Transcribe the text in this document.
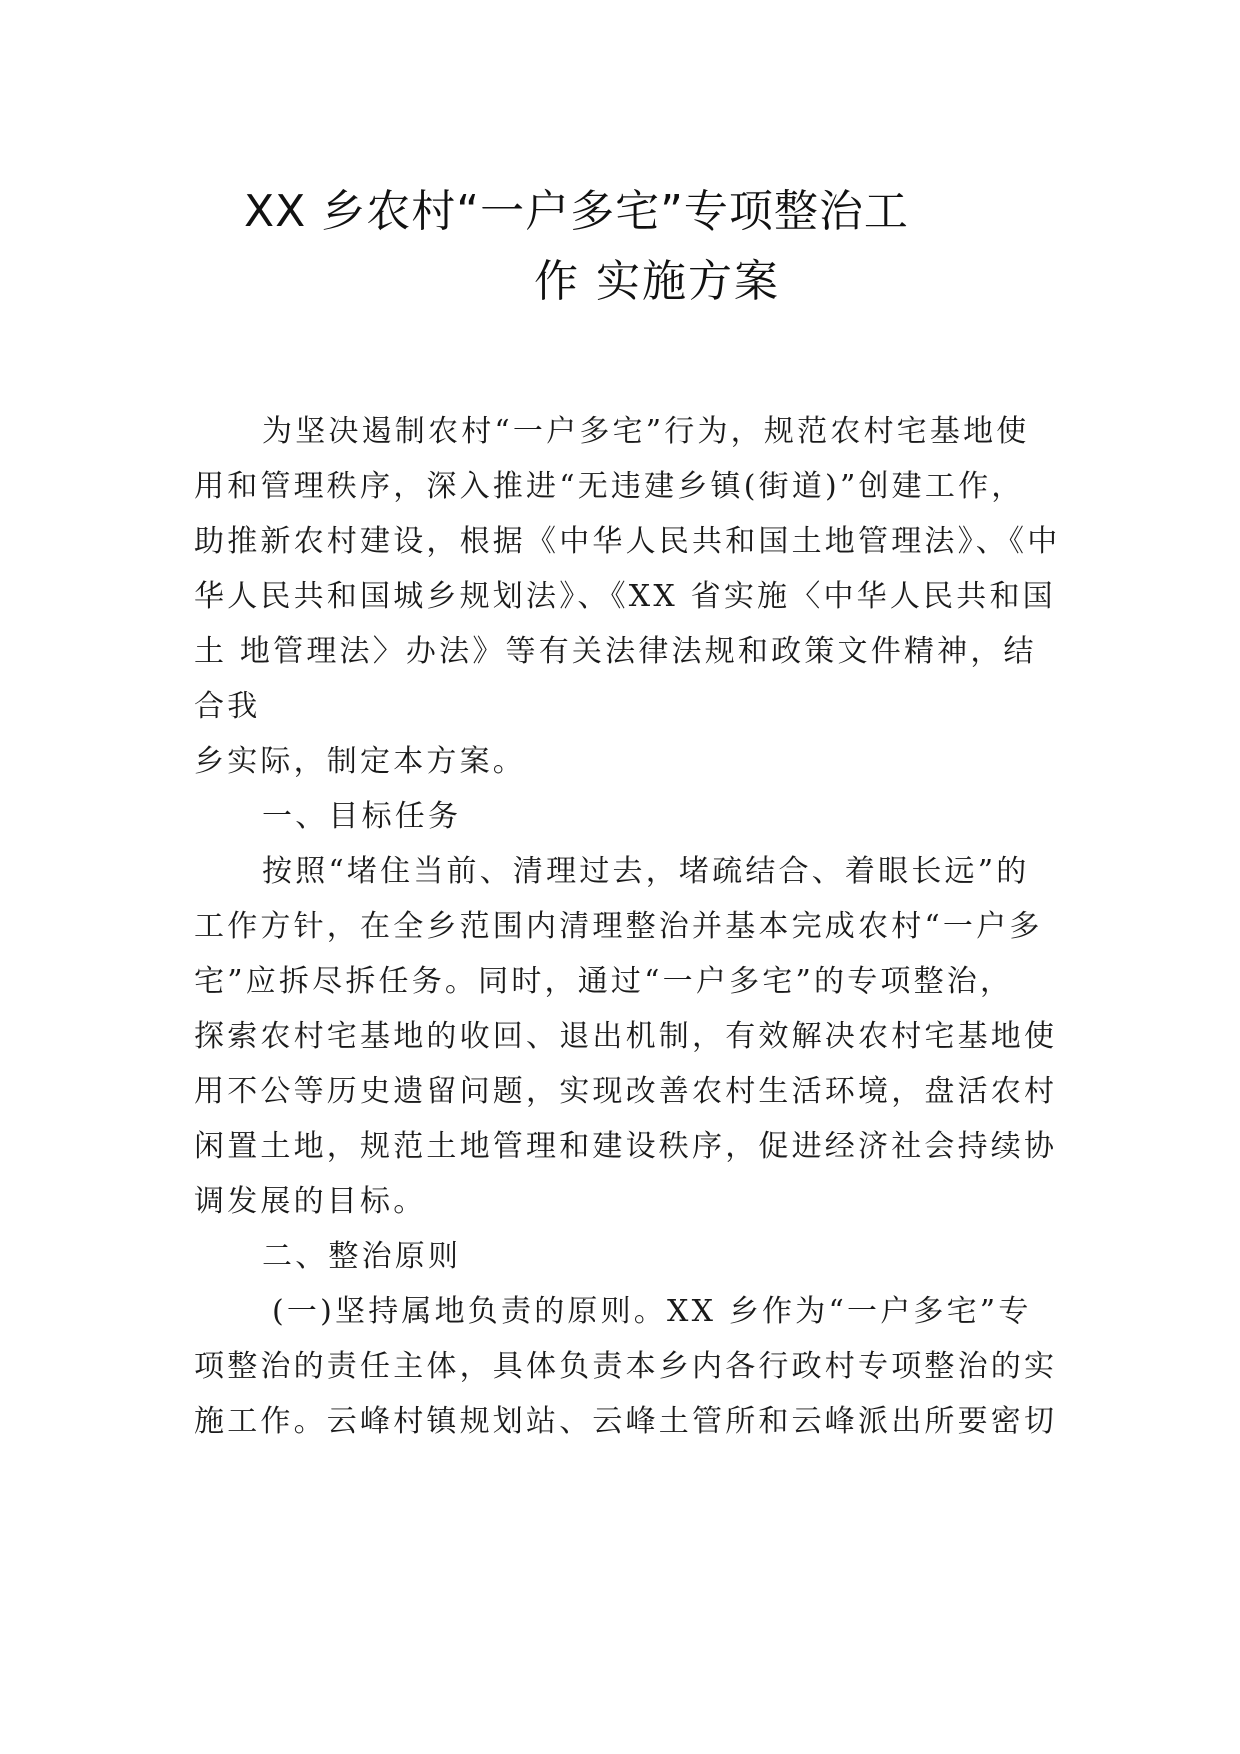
XX 乡农村“一户多宅”专项整治工
作 实施方案
为坚决遏制农村“一户多宅”行为，规范农村宅基地使
用和管理秩序，深入推进“无违建乡镇(街道)”创建工作，
助推新农村建设，根据《中华人民共和国土地管理法》、《中
华人民共和国城乡规划法》、《XX 省实施〈中华人民共和国
土 地管理法〉办法》等有关法律法规和政策文件精神，结
合我
乡实际，制定本方案。
一、目标任务
按照“堵住当前、清理过去，堵疏结合、着眼长远”的
工作方针，在全乡范围内清理整治并基本完成农村“一户多
宅”应拆尽拆任务。同时，通过“一户多宅”的专项整治，
探索农村宅基地的收回、退出机制，有效解决农村宅基地使
用不公等历史遗留问题，实现改善农村生活环境，盘活农村
闲置土地，规范土地管理和建设秩序，促进经济社会持续协
调发展的目标。
二、整治原则
(一)坚持属地负责的原则。XX 乡作为“一户多宅”专
项整治的责任主体，具体负责本乡内各行政村专项整治的实
施工作。云峰村镇规划站、云峰土管所和云峰派出所要密切
